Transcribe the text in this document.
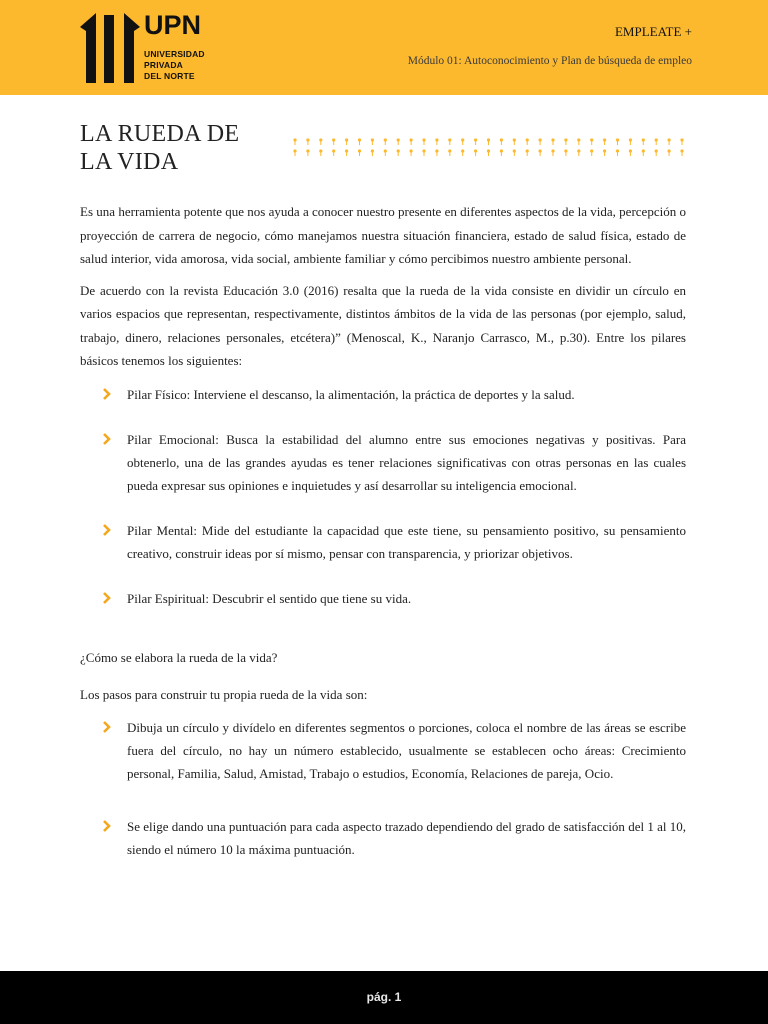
UPN
UNIVERSIDAD
PRIVADA
DEL NORTE
EMPLEATE +
Módulo 01: Autoconocimiento y Plan de búsqueda de empleo
LA RUEDA DE
LA VIDA

Es una herramienta potente que nos ayuda a conocer nuestro presente en diferentes aspectos de la vida, percepción o proyección de carrera de negocio, cómo manejamos nuestra situación financiera, estado de salud física, estado de salud interior, vida amorosa, vida social, ambiente familiar y cómo percibimos nuestro ambiente personal.

De acuerdo con la revista Educación 3.0 (2016) resalta que la rueda de la vida consiste en dividir un círculo en varios espacios que representan, respectivamente, distintos ámbitos de la vida de las personas (por ejemplo, salud, trabajo, dinero, relaciones personales, etcétera)” (Menoscal, K., Naranjo Carrasco, M., p.30). Entre los pilares básicos tenemos los siguientes:

Pilar Físico: Interviene el descanso, la alimentación, la práctica de deportes y la salud.
Pilar Emocional: Busca la estabilidad del alumno entre sus emociones negativas y positivas. Para obtenerlo, una de las grandes ayudas es tener relaciones significativas con otras personas en las cuales pueda expresar sus opiniones e inquietudes y así desarrollar su inteligencia emocional.
Pilar Mental: Mide del estudiante la capacidad que este tiene, su pensamiento positivo, su pensamiento creativo, construir ideas por sí mismo, pensar con transparencia, y priorizar objetivos.
Pilar Espiritual: Descubrir el sentido que tiene su vida.

¿Cómo se elabora la rueda de la vida?

Los pasos para construir tu propia rueda de la vida son:

Dibuja un círculo y divídelo en diferentes segmentos o porciones, coloca el nombre de las áreas se escribe fuera del círculo, no hay un número establecido, usualmente se establecen ocho áreas: Crecimiento personal, Familia, Salud, Amistad, Trabajo o estudios, Economía, Relaciones de pareja, Ocio.
Se elige dando una puntuación para cada aspecto trazado dependiendo del grado de satisfacción del 1 al 10, siendo el número 10 la máxima puntuación.
pág. 1
